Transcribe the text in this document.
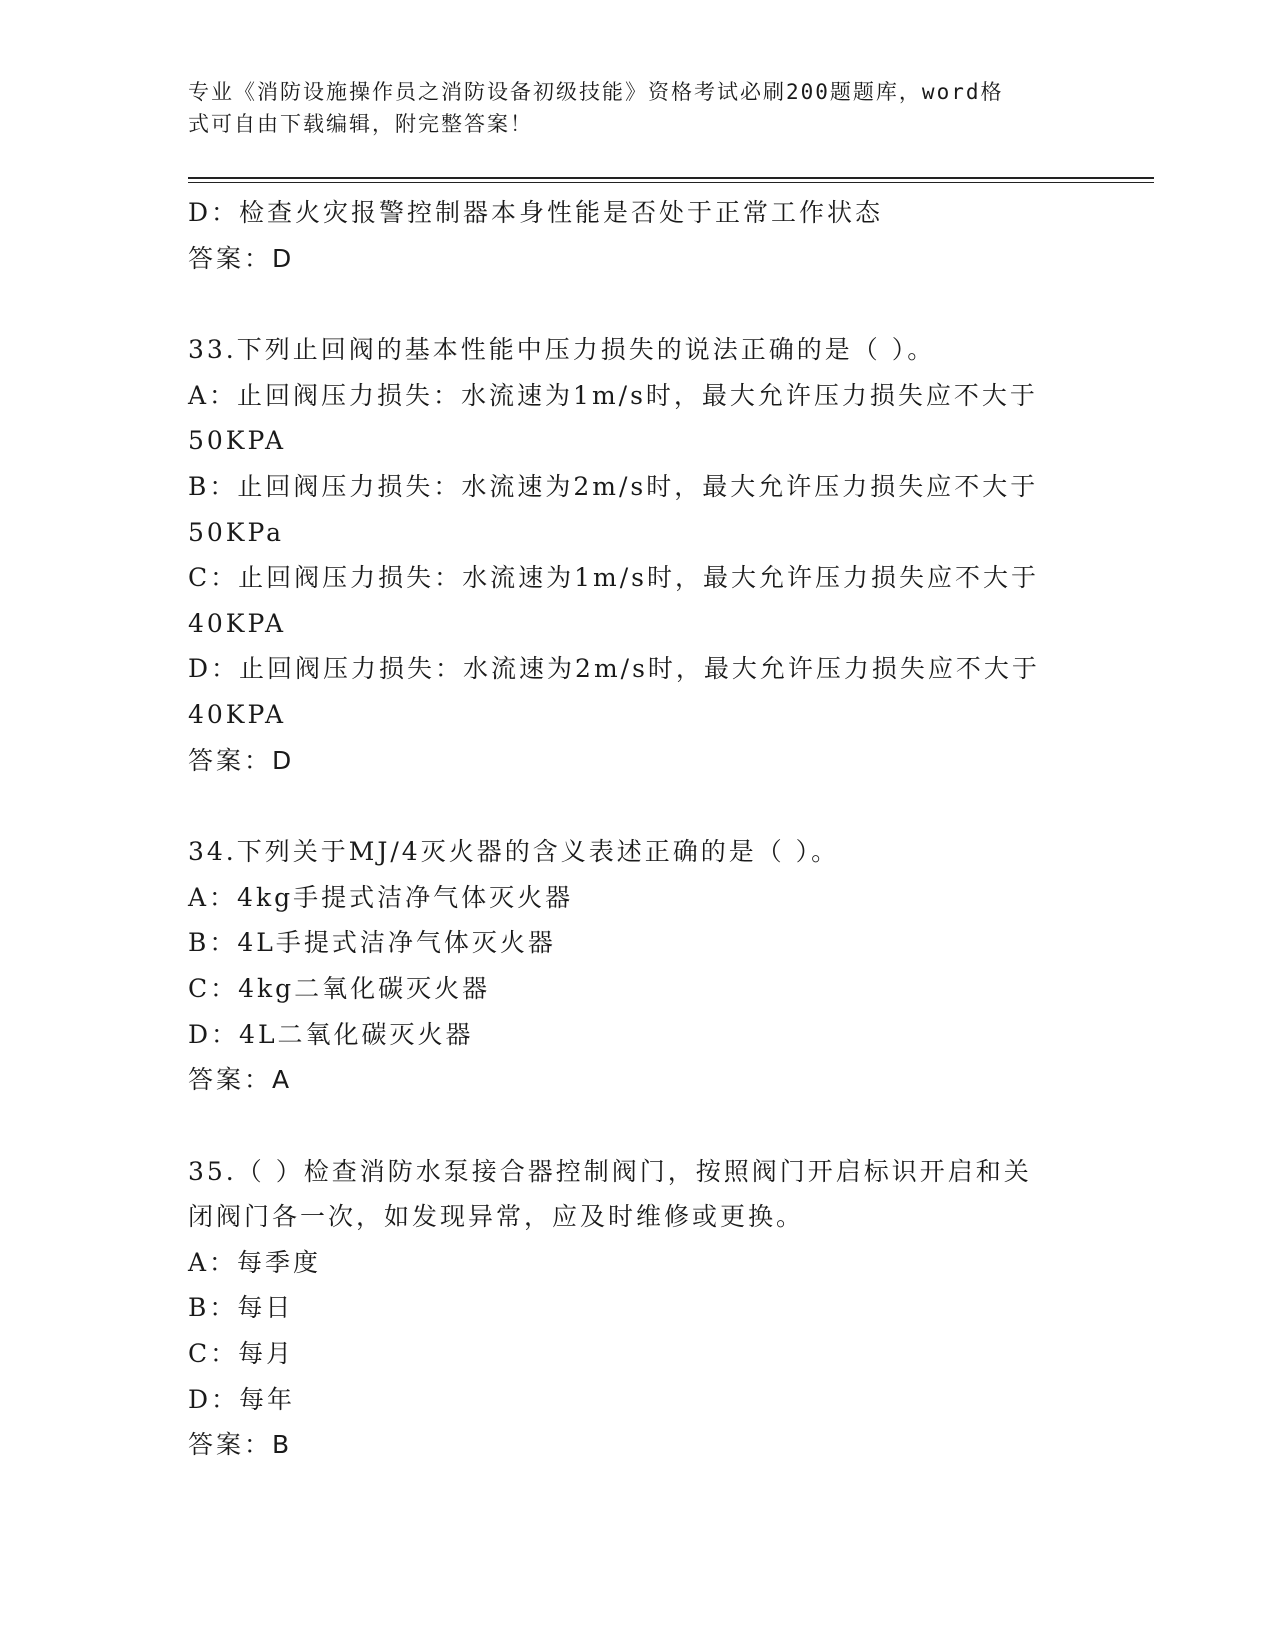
专业《消防设施操作员之消防设备初级技能》资格考试必刷200题题库，word格
式可自由下载编辑，附完整答案！
D：检查火灾报警控制器本身性能是否处于正常工作状态
答案：D
33.下列止回阀的基本性能中压力损失的说法正确的是（ ）。
A：止回阀压力损失：水流速为1m/s时，最大允许压力损失应不大于
50KPA
B：止回阀压力损失：水流速为2m/s时，最大允许压力损失应不大于
50KPa
C：止回阀压力损失：水流速为1m/s时，最大允许压力损失应不大于
40KPA
D：止回阀压力损失：水流速为2m/s时，最大允许压力损失应不大于
40KPA
答案：D
34.下列关于MJ/4灭火器的含义表述正确的是（ ）。
A：4kg手提式洁净气体灭火器
B：4L手提式洁净气体灭火器
C：4kg二氧化碳灭火器
D：4L二氧化碳灭火器
答案：A
35.（ ）检查消防水泵接合器控制阀门，按照阀门开启标识开启和关
闭阀门各一次，如发现异常，应及时维修或更换。
A：每季度
B：每日
C：每月
D：每年
答案：B
